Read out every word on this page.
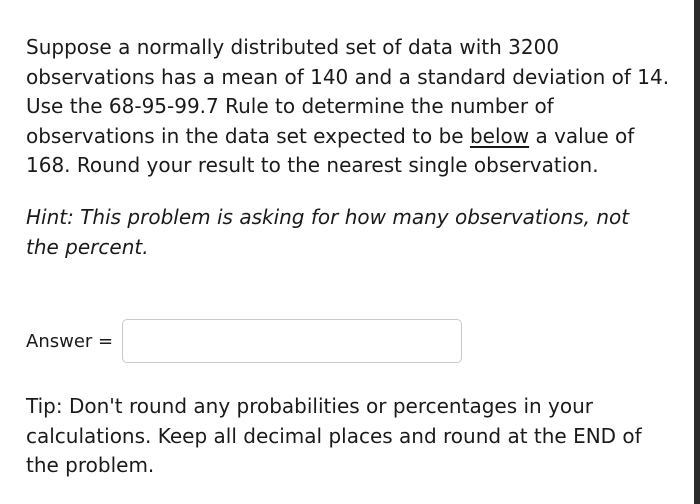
Suppose a normally distributed set of data with 3200
observations has a mean of 140 and a standard deviation of 14.
Use the 68-95-99.7 Rule to determine the number of
observations in the data set expected to be below a value of
168. Round your result to the nearest single observation.

Hint: This problem is asking for how many observations, not
the percent.

Answer =

Tip: Don't round any probabilities or percentages in your
calculations. Keep all decimal places and round at the END of
the problem.
